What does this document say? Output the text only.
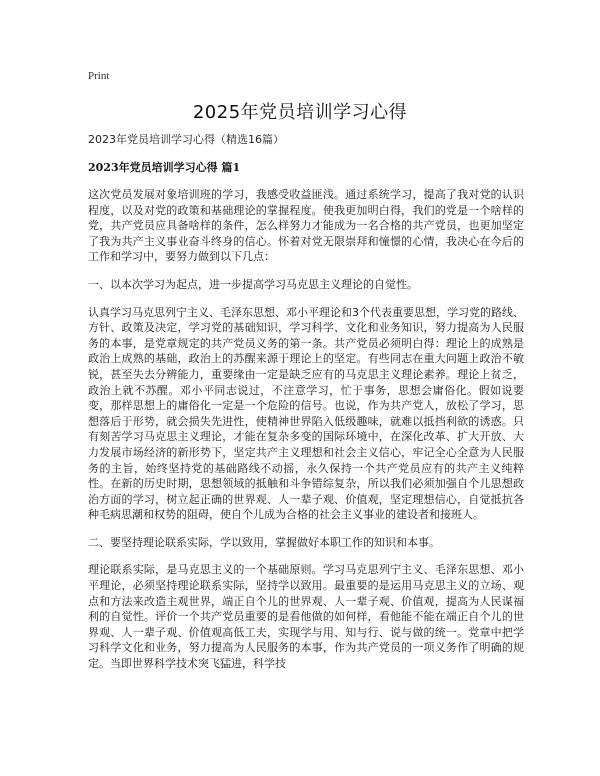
Print
2025年党员培训学习心得

2023年党员培训学习心得（精选16篇）

2023年党员培训学习心得 篇1

这次党员发展对象培训班的学习，我感受收益匪浅。通过系统学习，提高了我对党的认识程度，以及对党的政策和基础理论的掌握程度。使我更加明白得，我们的党是一个啥样的党，共产党员应具备啥样的条件，怎么样努力才能成为一名合格的共产党员，也更加坚定了我为共产主义事业奋斗终身的信心。怀着对党无限崇拜和憧憬的心情，我决心在今后的工作和学习中，要努力做到以下几点：

一、以本次学习为起点，进一步提高学习马克思主义理论的自觉性。

认真学习马克思列宁主义、毛泽东思想、邓小平理论和3个代表重要思想，学习党的路线、方针、政策及决定，学习党的基础知识，学习科学、文化和业务知识，努力提高为人民服务的本事，是党章规定的共产党员义务的第一条。共产党员必须明白得：理论上的成熟是政治上成熟的基础，政治上的苏醒来源于理论上的坚定。有些同志在重大问题上政治不敏锐，甚至失去分辨能力，重要缘由一定是缺乏应有的马克思主义理论素养。理论上贫乏，政治上就不苏醒。邓小平同志说过，不注意学习，忙于事务，思想会庸俗化。假如说要变，那样思想上的庸俗化一定是一个危险的信号。也说，作为共产党人，放松了学习，思想落后于形势，就会损失先进性，使精神世界陷入低级趣味，就难以抵挡利欲的诱惑。只有刻苦学习马克思主义理论，才能在复杂多变的国际环境中，在深化改革、扩大开放、大力发展市场经济的新形势下，坚定共产主义理想和社会主义信心，牢记全心全意为人民服务的主旨，始终坚持党的基础路线不动摇，永久保持一个共产党员应有的共产主义纯粹性。在新的历史时期，思想领域的抵触和斗争错综复杂，所以我们必须加强自个儿思想政治方面的学习，树立起正确的世界观、人一辈子观、价值观，坚定理想信心，自觉抵抗各种毛病思潮和权势的阻碍，使自个儿成为合格的社会主义事业的建设者和接班人。

二、要坚持理论联系实际，学以致用，掌握做好本职工作的知识和本事。

理论联系实际，是马克思主义的一个基础原则。学习马克思列宁主义、毛泽东思想、邓小平理论，必须坚持理论联系实际，坚持学以致用。最重要的是运用马克思主义的立场、观点和方法来改造主观世界，端正自个儿的世界观、人一辈子观、价值观，提高为人民谋福利的自觉性。评价一个共产党员重要的是看他做的如何样，看他能不能在端正自个儿的世界观、人一辈子观、价值观高低工夫，实现学与用、知与行、说与做的统一。党章中把学习科学文化和业务，努力提高为人民服务的本事，作为共产党员的一项义务作了明确的规定。当即世界科学技术突飞猛进，科学技
